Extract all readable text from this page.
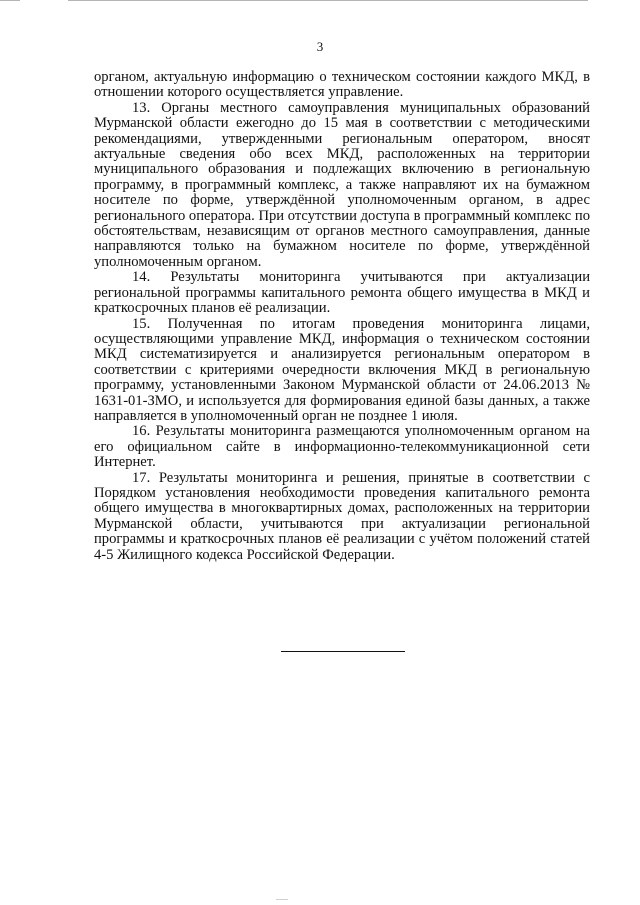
3

органом, актуальную информацию о техническом состоянии каждого МКД, в отношении которого осуществляется управление.

13. Органы местного самоуправления муниципальных образований Мурманской области ежегодно до 15 мая в соответствии с методическими рекомендациями, утвержденными региональным оператором, вносят актуальные сведения обо всех МКД, расположенных на территории муниципального образования и подлежащих включению в региональную программу, в программный комплекс, а также направляют их на бумажном носителе по форме, утверждённой уполномоченным органом, в адрес регионального оператора. При отсутствии доступа в программный комплекс по обстоятельствам, независящим от органов местного самоуправления, данные направляются только на бумажном носителе по форме, утверждённой уполномоченным органом.

14. Результаты мониторинга учитываются при актуализации региональной программы капитального ремонта общего имущества в МКД и краткосрочных планов её реализации.

15. Полученная по итогам проведения мониторинга лицами, осуществляющими управление МКД, информация о техническом состоянии МКД систематизируется и анализируется региональным оператором в соответствии с критериями очередности включения МКД в региональную программу, установленными Законом Мурманской области от 24.06.2013 № 1631-01-ЗМО, и используется для формирования единой базы данных, а также направляется в уполномоченный орган не позднее 1 июля.

16. Результаты мониторинга размещаются уполномоченным органом на его официальном сайте в информационно-телекоммуникационной сети Интернет.

17. Результаты мониторинга и решения, принятые в соответствии с Порядком установления необходимости проведения капитального ремонта общего имущества в многоквартирных домах, расположенных на территории Мурманской области, учитываются при актуализации региональной программы и краткосрочных планов её реализации с учётом положений статей 4-5 Жилищного кодекса Российской Федерации.
